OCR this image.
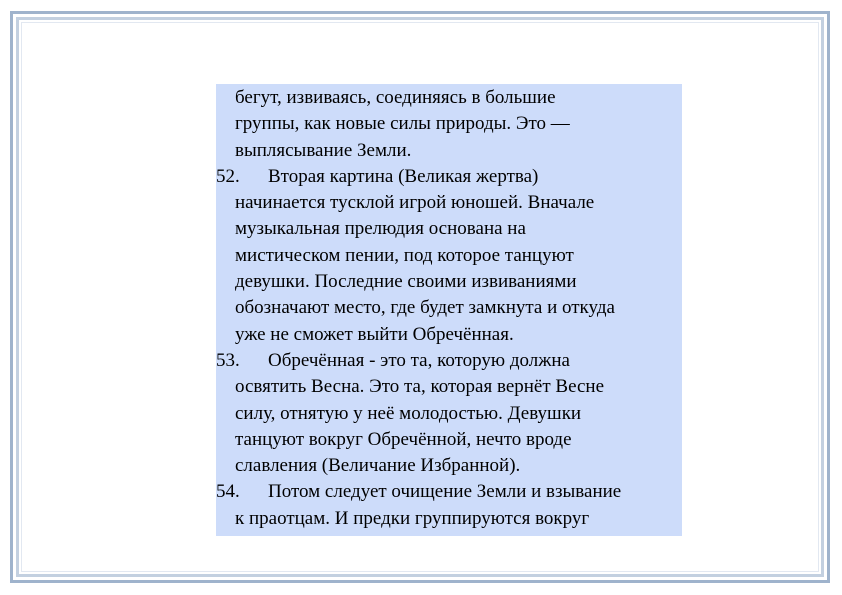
бегут, извиваясь, соединяясь в большие
группы, как новые силы природы. Это —
выплясывание Земли.
52.	Вторая картина (Великая жертва)
начинается тусклой игрой юношей. Вначале
музыкальная прелюдия основана на
мистическом пении, под которое танцуют
девушки. Последние своими извиваниями
обозначают место, где будет замкнута и откуда
уже не сможет выйти Обречённая.
53.	Обречённая - это та, которую должна
освятить Весна. Это та, которая вернёт Весне
силу, отнятую у неё молодостью. Девушки
танцуют вокруг Обречённой, нечто вроде
славления (Величание Избранной).
54.	Потом следует очищение Земли и взывание
к праотцам. И предки группируются вокруг
